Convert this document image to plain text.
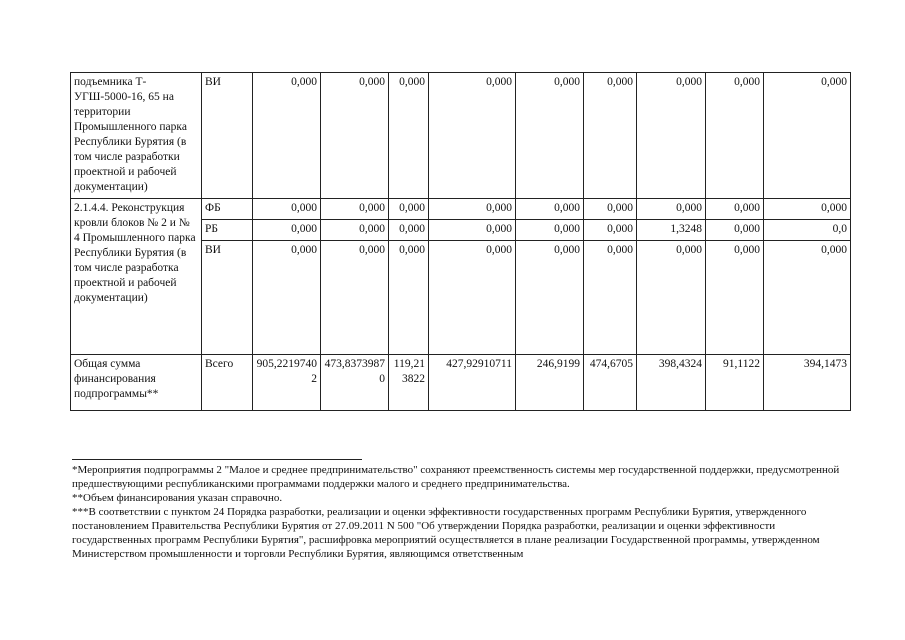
подъемника Т-УГШ-5000-16, 65 на территории Промышленного парка Республики Бурятия (в том числе разработки проектной и рабочей документации)	ВИ	0,000	0,000	0,000	0,000	0,000	0,000	0,000	0,000	0,000
2.1.4.4. Реконструкция кровли блоков № 2 и № 4 Промышленного парка Республики Бурятия (в том числе разработка проектной и рабочей документации)	ФБ	0,000	0,000	0,000	0,000	0,000	0,000	0,000	0,000	0,000
	РБ	0,000	0,000	0,000	0,000	0,000	0,000	1,3248	0,000	0,0
	ВИ	0,000	0,000	0,000	0,000	0,000	0,000	0,000	0,000	0,000
Общая сумма финансирования подпрограммы**	Всего	905,22197402	473,83739870	119,213822	427,92910711	246,9199	474,6705	398,4324	91,1122	394,1473

*Мероприятия подпрограммы 2 "Малое и среднее предпринимательство" сохраняют преемственность системы мер государственной поддержки, предусмотренной предшествующими республиканскими программами поддержки малого и среднего предпринимательства.

**Объем финансирования указан справочно.

***В соответствии с пунктом 24 Порядка разработки, реализации и оценки эффективности государственных программ Республики Бурятия, утвержденного постановлением Правительства Республики Бурятия от 27.09.2011 N 500 "Об утверждении Порядка разработки, реализации и оценки эффективности государственных программ Республики Бурятия", расшифровка мероприятий осуществляется в плане реализации Государственной программы, утвержденном Министерством промышленности и торговли Республики Бурятия, являющимся ответственным
